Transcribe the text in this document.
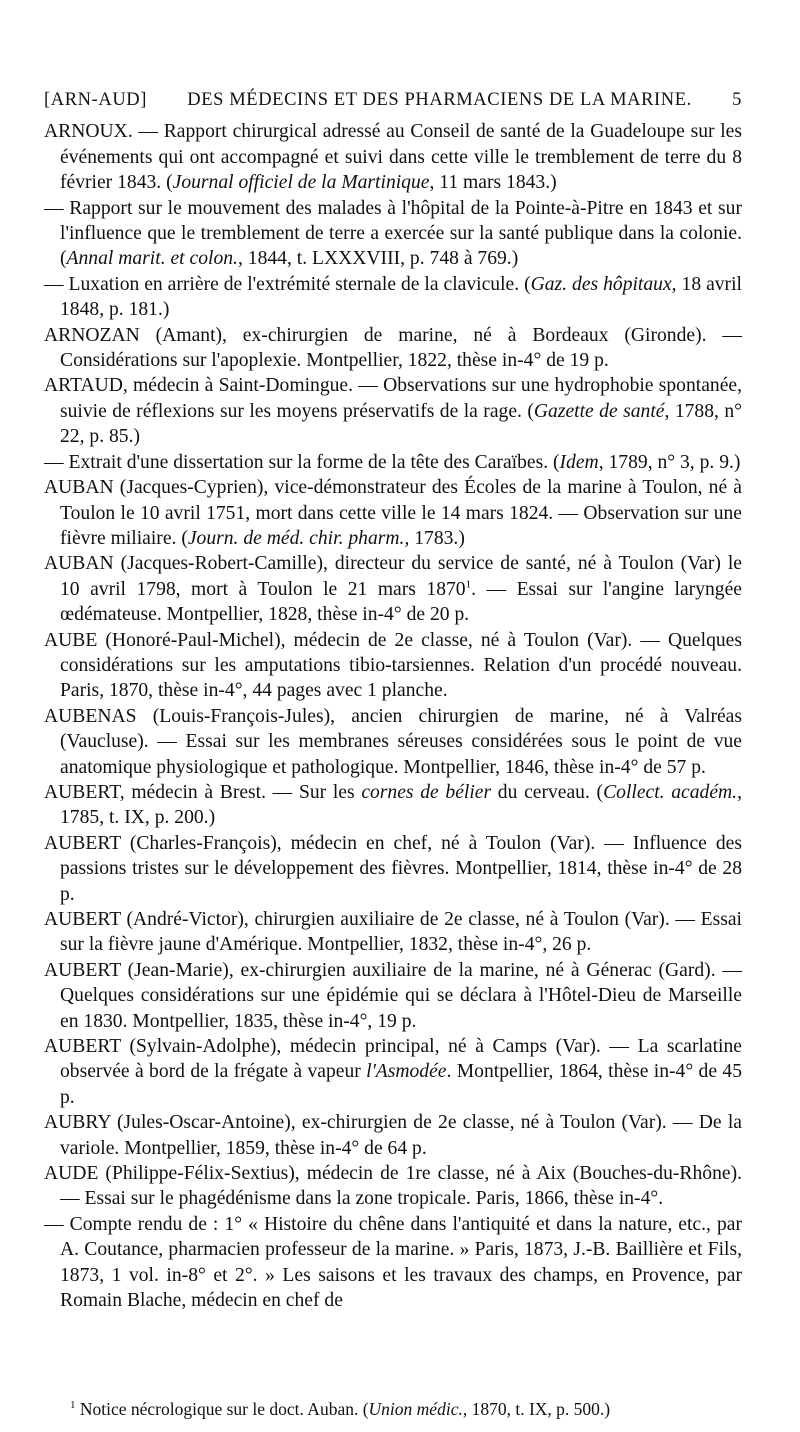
[ARN-AUD]	DES MÉDECINS ET DES PHARMACIENS DE LA MARINE.	5

ARNOUX. — Rapport chirurgical adressé au Conseil de santé de la Guadeloupe sur les événements qui ont accompagné et suivi dans cette ville le tremblement de terre du 8 février 1843. (Journal officiel de la Martinique, 11 mars 1843.)

— Rapport sur le mouvement des malades à l'hôpital de la Pointe-à-Pitre en 1843 et sur l'influence que le tremblement de terre a exercée sur la santé publique dans la colonie. (Annal marit. et colon., 1844, t. LXXXVIII, p. 748 à 769.)

— Luxation en arrière de l'extrémité sternale de la clavicule. (Gaz. des hôpitaux, 18 avril 1848, p. 181.)

ARNOZAN (Amant), ex-chirurgien de marine, né à Bordeaux (Gironde). — Considérations sur l'apoplexie. Montpellier, 1822, thèse in-4° de 19 p.

ARTAUD, médecin à Saint-Domingue. — Observations sur une hydrophobie spontanée, suivie de réflexions sur les moyens préservatifs de la rage. (Gazette de santé, 1788, n° 22, p. 85.)

— Extrait d'une dissertation sur la forme de la tête des Caraïbes. (Idem, 1789, n° 3, p. 9.)

AUBAN (Jacques-Cyprien), vice-démonstrateur des Écoles de la marine à Toulon, né à Toulon le 10 avril 1751, mort dans cette ville le 14 mars 1824. — Observation sur une fièvre miliaire. (Journ. de méd. chir. pharm., 1783.)

AUBAN (Jacques-Robert-Camille), directeur du service de santé, né à Toulon (Var) le 10 avril 1798, mort à Toulon le 21 mars 1870$^1$. — Essai sur l'angine laryngée œdémateuse. Montpellier, 1828, thèse in-4° de 20 p.

AUBE (Honoré-Paul-Michel), médecin de 2e classe, né à Toulon (Var). — Quelques considérations sur les amputations tibio-tarsiennes. Relation d'un procédé nouveau. Paris, 1870, thèse in-4°, 44 pages avec 1 planche.

AUBENAS (Louis-François-Jules), ancien chirurgien de marine, né à Valréas (Vaucluse). — Essai sur les membranes séreuses considérées sous le point de vue anatomique physiologique et pathologique. Montpellier, 1846, thèse in-4° de 57 p.

AUBERT, médecin à Brest. — Sur les cornes de bélier du cerveau. (Collect. académ., 1785, t. IX, p. 200.)

AUBERT (Charles-François), médecin en chef, né à Toulon (Var). — Influence des passions tristes sur le développement des fièvres. Montpellier, 1814, thèse in-4° de 28 p.

AUBERT (André-Victor), chirurgien auxiliaire de 2e classe, né à Toulon (Var). — Essai sur la fièvre jaune d'Amérique. Montpellier, 1832, thèse in-4°, 26 p.

AUBERT (Jean-Marie), ex-chirurgien auxiliaire de la marine, né à Génerac (Gard). — Quelques considérations sur une épidémie qui se déclara à l'Hôtel-Dieu de Marseille en 1830. Montpellier, 1835, thèse in-4°, 19 p.

AUBERT (Sylvain-Adolphe), médecin principal, né à Camps (Var). — La scarlatine observée à bord de la frégate à vapeur l'Asmodée. Montpellier, 1864, thèse in-4° de 45 p.

AUBRY (Jules-Oscar-Antoine), ex-chirurgien de 2e classe, né à Toulon (Var). — De la variole. Montpellier, 1859, thèse in-4° de 64 p.

AUDE (Philippe-Félix-Sextius), médecin de 1re classe, né à Aix (Bouches-du-Rhône). — Essai sur le phagédénisme dans la zone tropicale. Paris, 1866, thèse in-4°.

— Compte rendu de : 1° « Histoire du chêne dans l'antiquité et dans la nature, etc., par A. Coutance, pharmacien professeur de la marine. » Paris, 1873, J.-B. Baillière et Fils, 1873, 1 vol. in-8° et 2°. » Les saisons et les travaux des champs, en Provence, par Romain Blache, médecin en chef de

$^1$ Notice nécrologique sur le doct. Auban. (Union médic., 1870, t. IX, p. 500.)
